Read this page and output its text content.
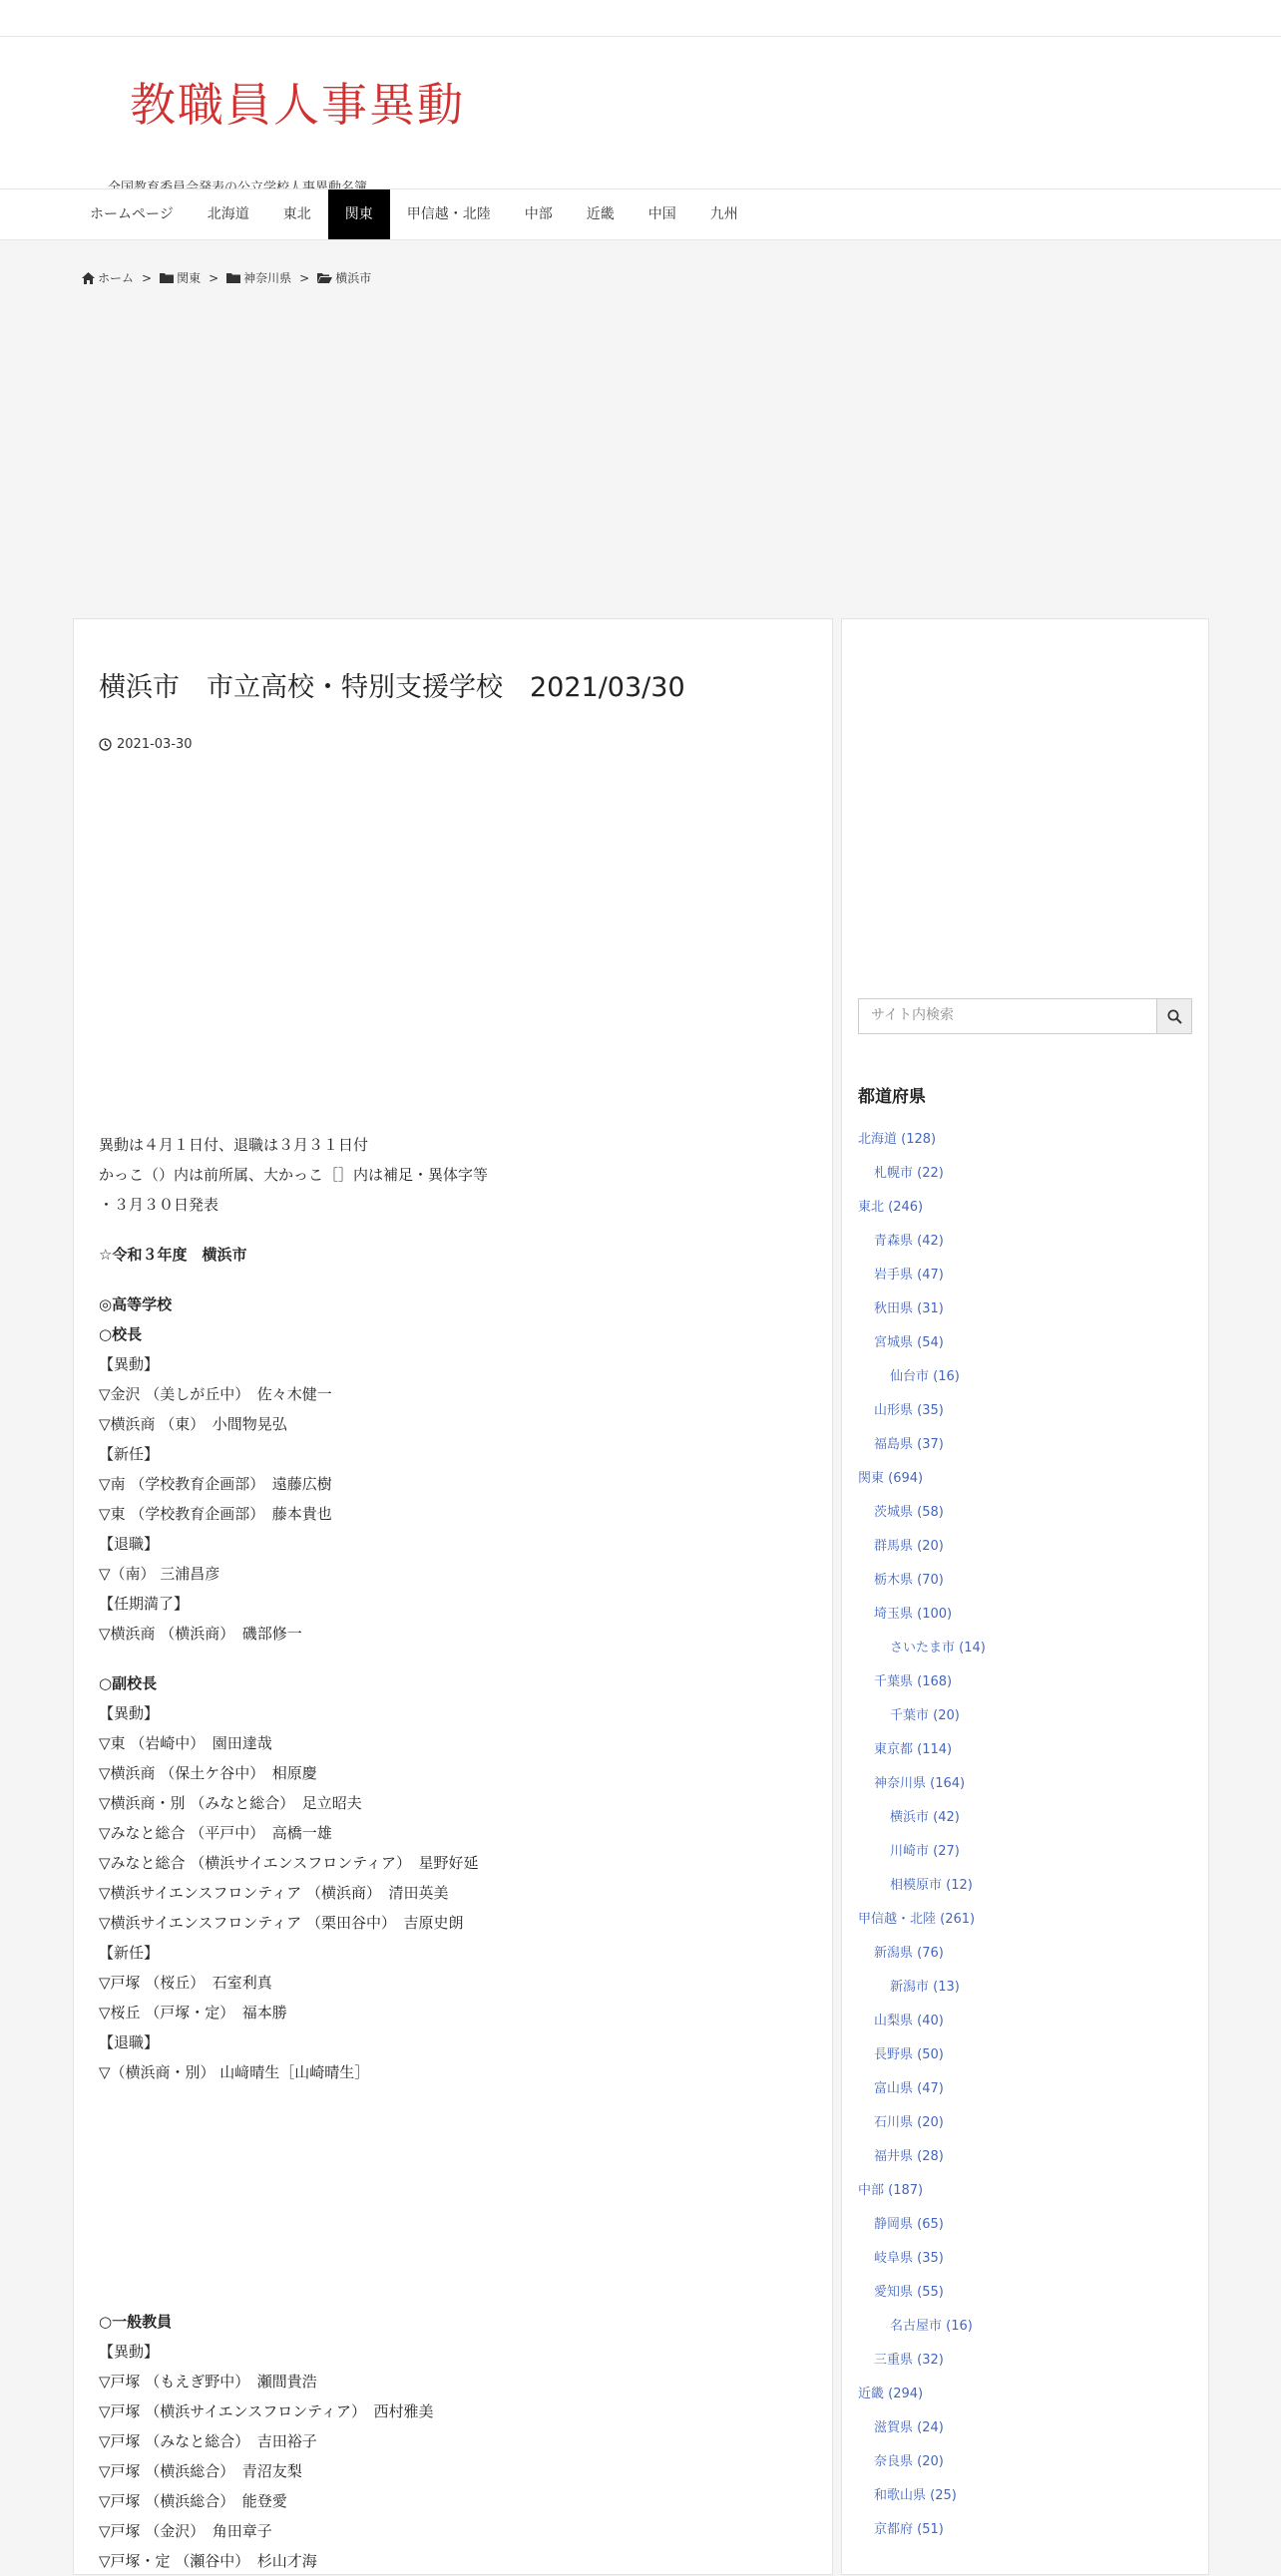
教職員人事異動
ホームページ	北海道	東北	関東	甲信越・北陸	中部	近畿	中国	九州
ホーム > 関東 > 神奈川県 > 横浜市
横浜市　市立高校・特別支援学校　2021/03/30
2021-03-30

異動は４月１日付、退職は３月３１日付

かっこ（）内は前所属、大かっこ［］内は補足・異体字等

・３月３０日発表

☆令和３年度　横浜市

◎高等学校

○校長

【異動】

▽金沢 （美しが丘中）　佐々木健一

▽横浜商 （東）　小間物晃弘

【新任】

▽南 （学校教育企画部）　遠藤広樹

▽東 （学校教育企画部）　藤本貴也

【退職】

▽（南） 三浦昌彦

【任期満了】

▽横浜商 （横浜商）　磯部修一

○副校長

【異動】

▽東 （岩崎中）　園田達哉

▽横浜商 （保土ケ谷中）　相原慶

▽横浜商・別 （みなと総合）　足立昭夫

▽みなと総合 （平戸中）　高橋一雄

▽みなと総合 （横浜サイエンスフロンティア）　星野好延

▽横浜サイエンスフロンティア （横浜商）　清田英美

▽横浜サイエンスフロンティア （栗田谷中）　吉原史朗

【新任】

▽戸塚 （桜丘）　石室利真

▽桜丘 （戸塚・定）　福本勝

【退職】

▽（横浜商・別） 山﨑晴生［山崎晴生］

○一般教員

【異動】

▽戸塚 （もえぎ野中）　瀬間貴浩

▽戸塚 （横浜サイエンスフロンティア）　西村雅美

▽戸塚 （みなと総合）　吉田裕子

▽戸塚 （横浜総合）　青沼友梨

▽戸塚 （横浜総合）　能登愛

▽戸塚 （金沢）　角田章子

▽戸塚・定 （瀬谷中）　杉山才海

サイト内検索
都道府県
北海道 (128)
札幌市 (22)
東北 (246)
青森県 (42)
岩手県 (47)
秋田県 (31)
宮城県 (54)
仙台市 (16)
山形県 (35)
福島県 (37)
関東 (694)
茨城県 (58)
群馬県 (20)
栃木県 (70)
埼玉県 (100)
さいたま市 (14)
千葉県 (168)
千葉市 (20)
東京都 (114)
神奈川県 (164)
横浜市 (42)
川崎市 (27)
相模原市 (12)
甲信越・北陸 (261)
新潟県 (76)
新潟市 (13)
山梨県 (40)
長野県 (50)
富山県 (47)
石川県 (20)
福井県 (28)
中部 (187)
静岡県 (65)
岐阜県 (35)
愛知県 (55)
名古屋市 (16)
三重県 (32)
近畿 (294)
滋賀県 (24)
奈良県 (20)
和歌山県 (25)
京都府 (51)
